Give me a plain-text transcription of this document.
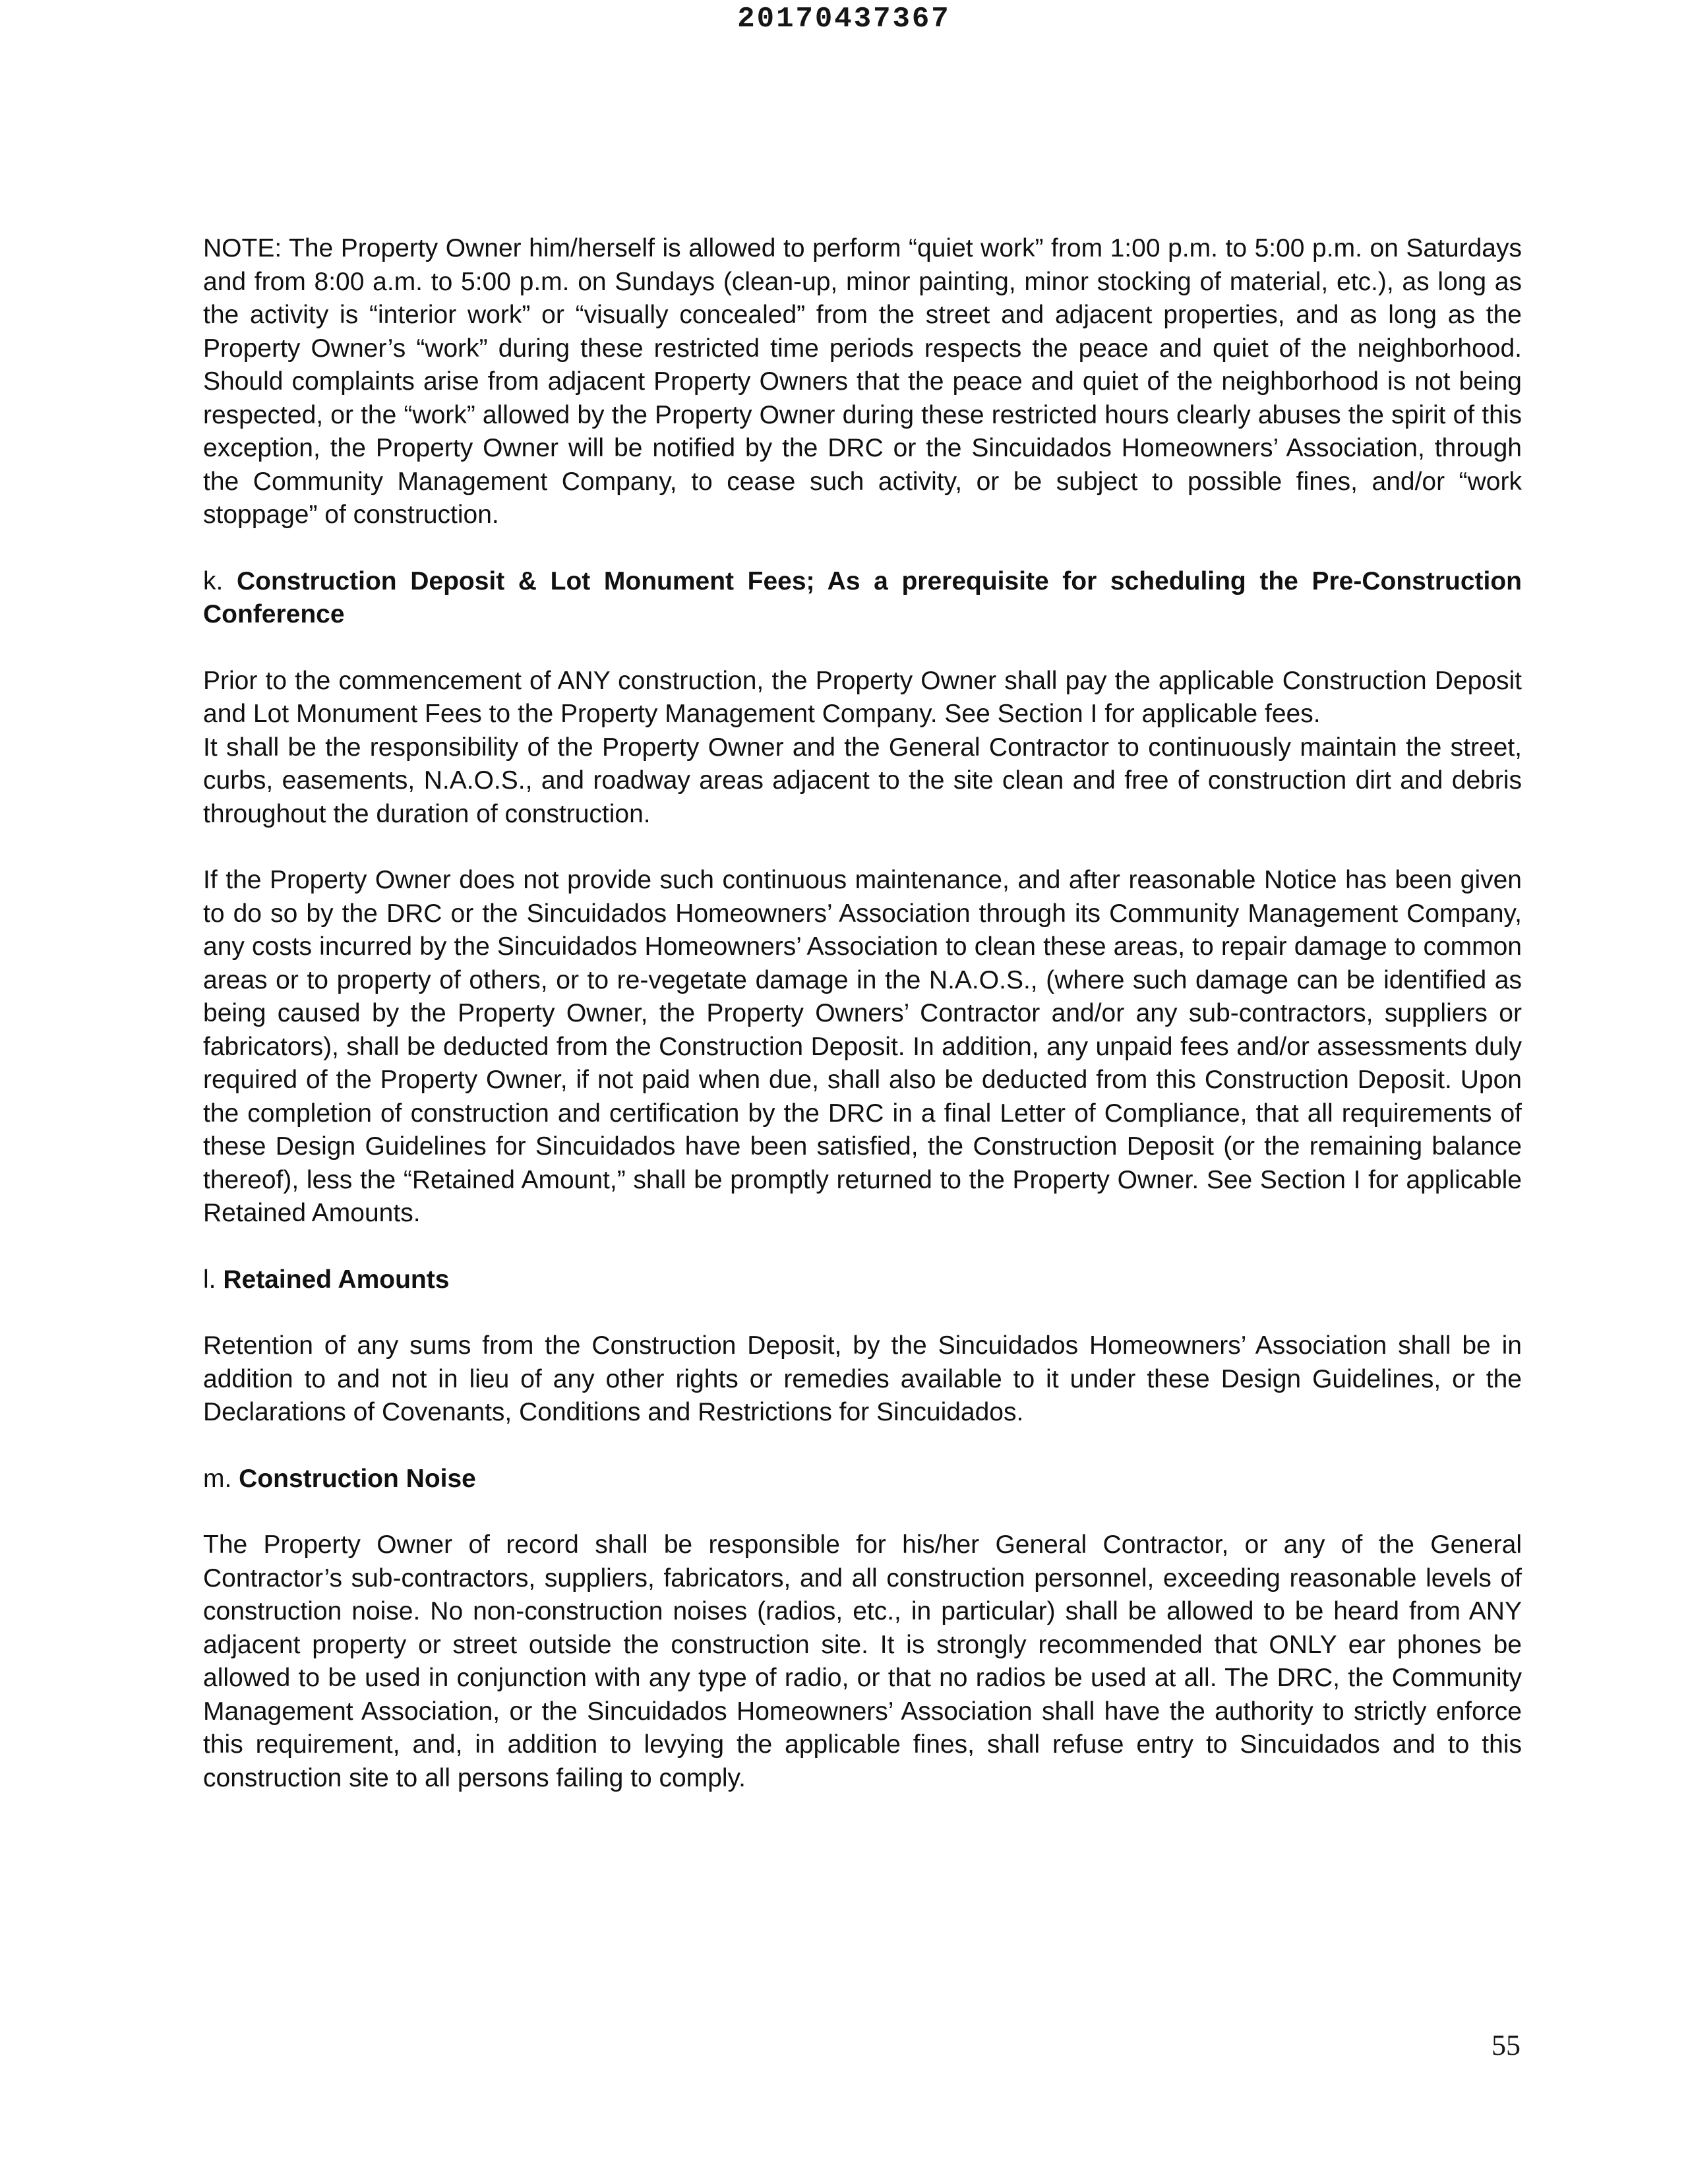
20170437367

NOTE: The Property Owner him/herself is allowed to perform “quiet work” from 1:00 p.m. to 5:00 p.m. on Saturdays and from 8:00 a.m. to 5:00 p.m. on Sundays (clean-up, minor painting, minor stocking of material, etc.), as long as the activity is “interior work” or “visually concealed” from the street and adjacent properties, and as long as the Property Owner’s “work” during these restricted time periods respects the peace and quiet of the neighborhood. Should complaints arise from adjacent Property Owners that the peace and quiet of the neighborhood is not being respected, or the “work” allowed by the Property Owner during these restricted hours clearly abuses the spirit of this exception, the Property Owner will be notified by the DRC or the Sincuidados Homeowners’ Association, through the Community Management Company, to cease such activity, or be subject to possible fines, and/or “work stoppage” of construction.

k. Construction Deposit & Lot Monument Fees; As a prerequisite for scheduling the Pre-Construction Conference

Prior to the commencement of ANY construction, the Property Owner shall pay the applicable Construction Deposit and Lot Monument Fees to the Property Management Company. See Section I for applicable fees.

It shall be the responsibility of the Property Owner and the General Contractor to continuously maintain the street, curbs, easements, N.A.O.S., and roadway areas adjacent to the site clean and free of construction dirt and debris throughout the duration of construction.

If the Property Owner does not provide such continuous maintenance, and after reasonable Notice has been given to do so by the DRC or the Sincuidados Homeowners’ Association through its Community Management Company, any costs incurred by the Sincuidados Homeowners’ Association to clean these areas, to repair damage to common areas or to property of others, or to re-vegetate damage in the N.A.O.S., (where such damage can be identified as being caused by the Property Owner, the Property Owners’ Contractor and/or any sub-contractors, suppliers or fabricators), shall be deducted from the Construction Deposit. In addition, any unpaid fees and/or assessments duly required of the Property Owner, if not paid when due, shall also be deducted from this Construction Deposit. Upon the completion of construction and certification by the DRC in a final Letter of Compliance, that all requirements of these Design Guidelines for Sincuidados have been satisfied, the Construction Deposit (or the remaining balance thereof), less the “Retained Amount,” shall be promptly returned to the Property Owner. See Section I for applicable Retained Amounts.

l. Retained Amounts

Retention of any sums from the Construction Deposit, by the Sincuidados Homeowners’ Association shall be in addition to and not in lieu of any other rights or remedies available to it under these Design Guidelines, or the Declarations of Covenants, Conditions and Restrictions for Sincuidados.

m. Construction Noise

The Property Owner of record shall be responsible for his/her General Contractor, or any of the General Contractor’s sub-contractors, suppliers, fabricators, and all construction personnel, exceeding reasonable levels of construction noise. No non-construction noises (radios, etc., in particular) shall be allowed to be heard from ANY adjacent property or street outside the construction site. It is strongly recommended that ONLY ear phones be allowed to be used in conjunction with any type of radio, or that no radios be used at all. The DRC, the Community Management Association, or the Sincuidados Homeowners’ Association shall have the authority to strictly enforce this requirement, and, in addition to levying the applicable fines, shall refuse entry to Sincuidados and to this construction site to all persons failing to comply.

55
